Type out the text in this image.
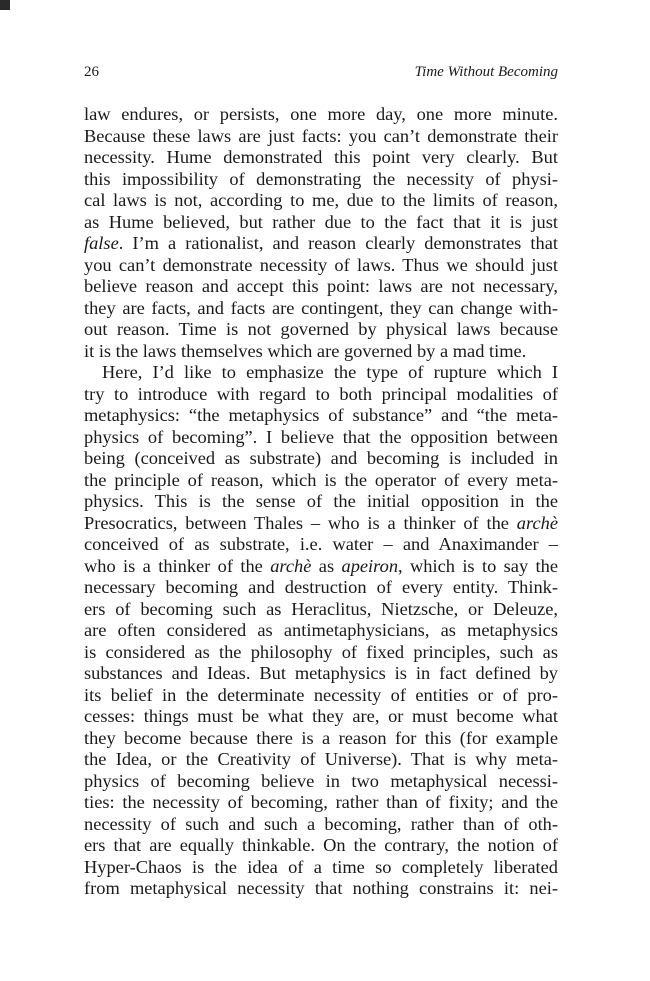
26	Time Without Becoming
law endures, or persists, one more day, one more minute.
Because these laws are just facts: you can’t demonstrate their
necessity. Hume demonstrated this point very clearly. But
this impossibility of demonstrating the necessity of physi-
cal laws is not, according to me, due to the limits of reason,
as Hume believed, but rather due to the fact that it is just
false. I’m a rationalist, and reason clearly demonstrates that
you can’t demonstrate necessity of laws. Thus we should just
believe reason and accept this point: laws are not necessary,
they are facts, and facts are contingent, they can change with-
out reason. Time is not governed by physical laws because
it is the laws themselves which are governed by a mad time.
Here, I’d like to emphasize the type of rupture which I
try to introduce with regard to both principal modalities of
metaphysics: “the metaphysics of substance” and “the meta-
physics of becoming”. I believe that the opposition between
being (conceived as substrate) and becoming is included in
the principle of reason, which is the operator of every meta-
physics. This is the sense of the initial opposition in the
Presocratics, between Thales – who is a thinker of the archè
conceived of as substrate, i.e. water – and Anaximander –
who is a thinker of the archè as apeiron, which is to say the
necessary becoming and destruction of every entity. Think-
ers of becoming such as Heraclitus, Nietzsche, or Deleuze,
are often considered as antimetaphysicians, as metaphysics
is considered as the philosophy of fixed principles, such as
substances and Ideas. But metaphysics is in fact defined by
its belief in the determinate necessity of entities or of pro-
cesses: things must be what they are, or must become what
they become because there is a reason for this (for example
the Idea, or the Creativity of Universe). That is why meta-
physics of becoming believe in two metaphysical necessi-
ties: the necessity of becoming, rather than of fixity; and the
necessity of such and such a becoming, rather than of oth-
ers that are equally thinkable. On the contrary, the notion of
Hyper-Chaos is the idea of a time so completely liberated
from metaphysical necessity that nothing constrains it: nei-
